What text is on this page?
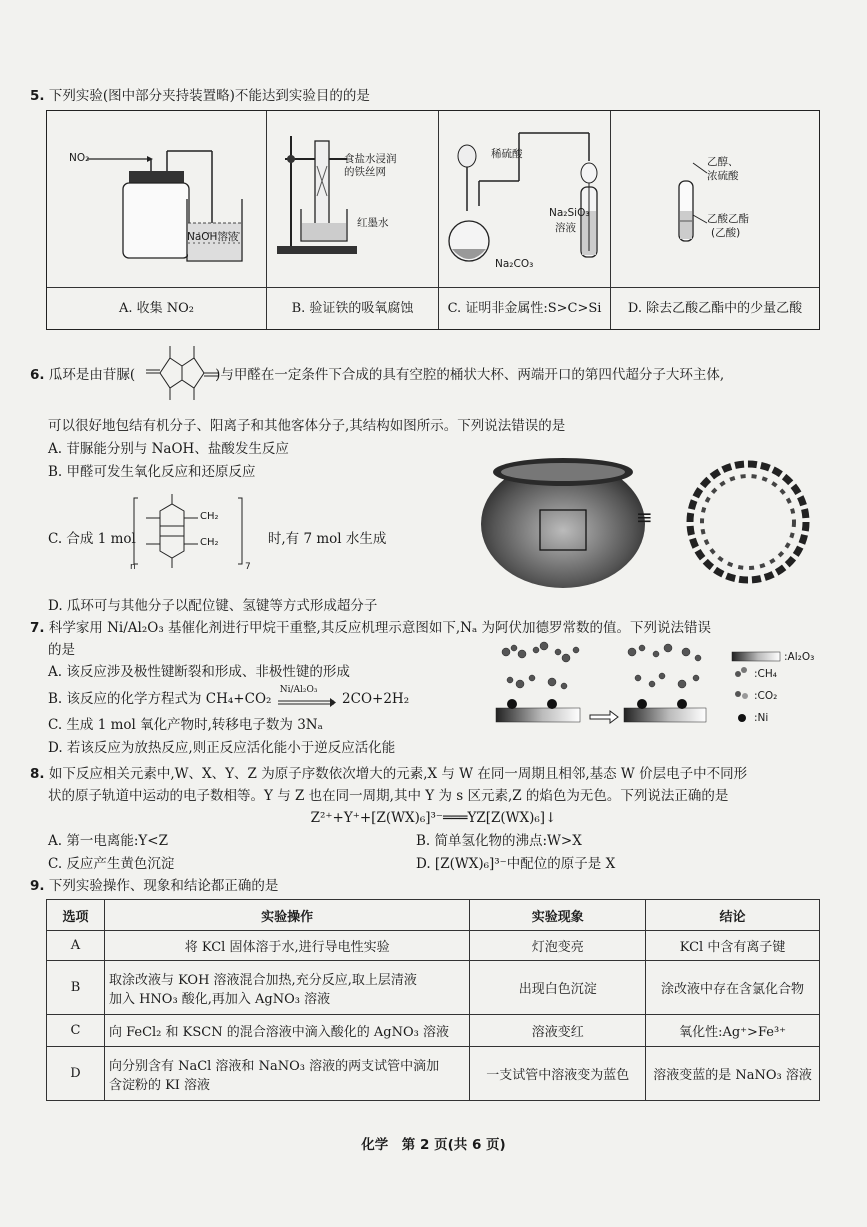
5. 下列实验(图中部分夹持装置略)不能达到实验目的的是
NO₂
NaOH溶液
A. 收集 NO₂
食盐水浸润
的铁丝网
红墨水
B. 验证铁的吸氧腐蚀
稀硫酸
Na₂SiO₃
溶液
Na₂CO₃
C. 证明非金属性:S>C>Si
乙醇、
浓硫酸
乙酸乙酯
(乙酸)
D. 除去乙酸乙酯中的少量乙酸
6. 瓜环是由苷脲(	)与甲醛在一定条件下合成的具有空腔的桶状大杯、两端开口的第四代超分子大环主体,
可以很好地包结有机分子、阳离子和其他客体分子,其结构如图所示。下列说法错误的是
A. 苷脲能分别与 NaOH、盐酸发生反应
B. 甲醛可发生氧化反应和还原反应
C. 合成 1 mol	时,有 7 mol 水生成
CH₂
CH₂
n	7
≡
D. 瓜环可与其他分子以配位键、氢键等方式形成超分子
7. 科学家用 Ni/Al₂O₃ 基催化剂进行甲烷干重整,其反应机理示意图如下,Nₐ 为阿伏加德罗常数的值。下列说法错误
的是
A. 该反应涉及极性键断裂和形成、非极性键的形成
B. 该反应的化学方程式为 CH₄+CO₂
Ni/Al₂O₃
2CO+2H₂
C. 生成 1 mol 氧化产物时,转移电子数为 3Nₐ
D. 若该反应为放热反应,则正反应活化能小于逆反应活化能
:Al₂O₃
:CH₄
:CO₂
:Ni
8. 如下反应相关元素中,W、X、Y、Z 为原子序数依次增大的元素,X 与 W 在同一周期且相邻,基态 W 价层电子中不同形
状的原子轨道中运动的电子数相等。Y 与 Z 也在同一周期,其中 Y 为 s 区元素,Z 的焰色为无色。下列说法正确的是
Z²⁺+Y⁺+[Z(WX)₆]³⁻═══YZ[Z(WX)₆]↓
A. 第一电离能:Y<Z	B. 简单氢化物的沸点:W>X
C. 反应产生黄色沉淀	D. [Z(WX)₆]³⁻中配位的原子是 X
9. 下列实验操作、现象和结论都正确的是
选项	实验操作	实验现象	结论
A	将 KCl 固体溶于水,进行导电性实验	灯泡变亮	KCl 中含有离子键
B	取涂改液与 KOH 溶液混合加热,充分反应,取上层清液
加入 HNO₃ 酸化,再加入 AgNO₃ 溶液	出现白色沉淀	涂改液中存在含氯化合物
C	向 FeCl₂ 和 KSCN 的混合溶液中滴入酸化的 AgNO₃ 溶液	溶液变红	氧化性:Ag⁺>Fe³⁺
D	向分别含有 NaCl 溶液和 NaNO₃ 溶液的两支试管中滴加
含淀粉的 KI 溶液	一支试管中溶液变为蓝色	溶液变蓝的是 NaNO₃ 溶液
化学　第 2 页(共 6 页)
